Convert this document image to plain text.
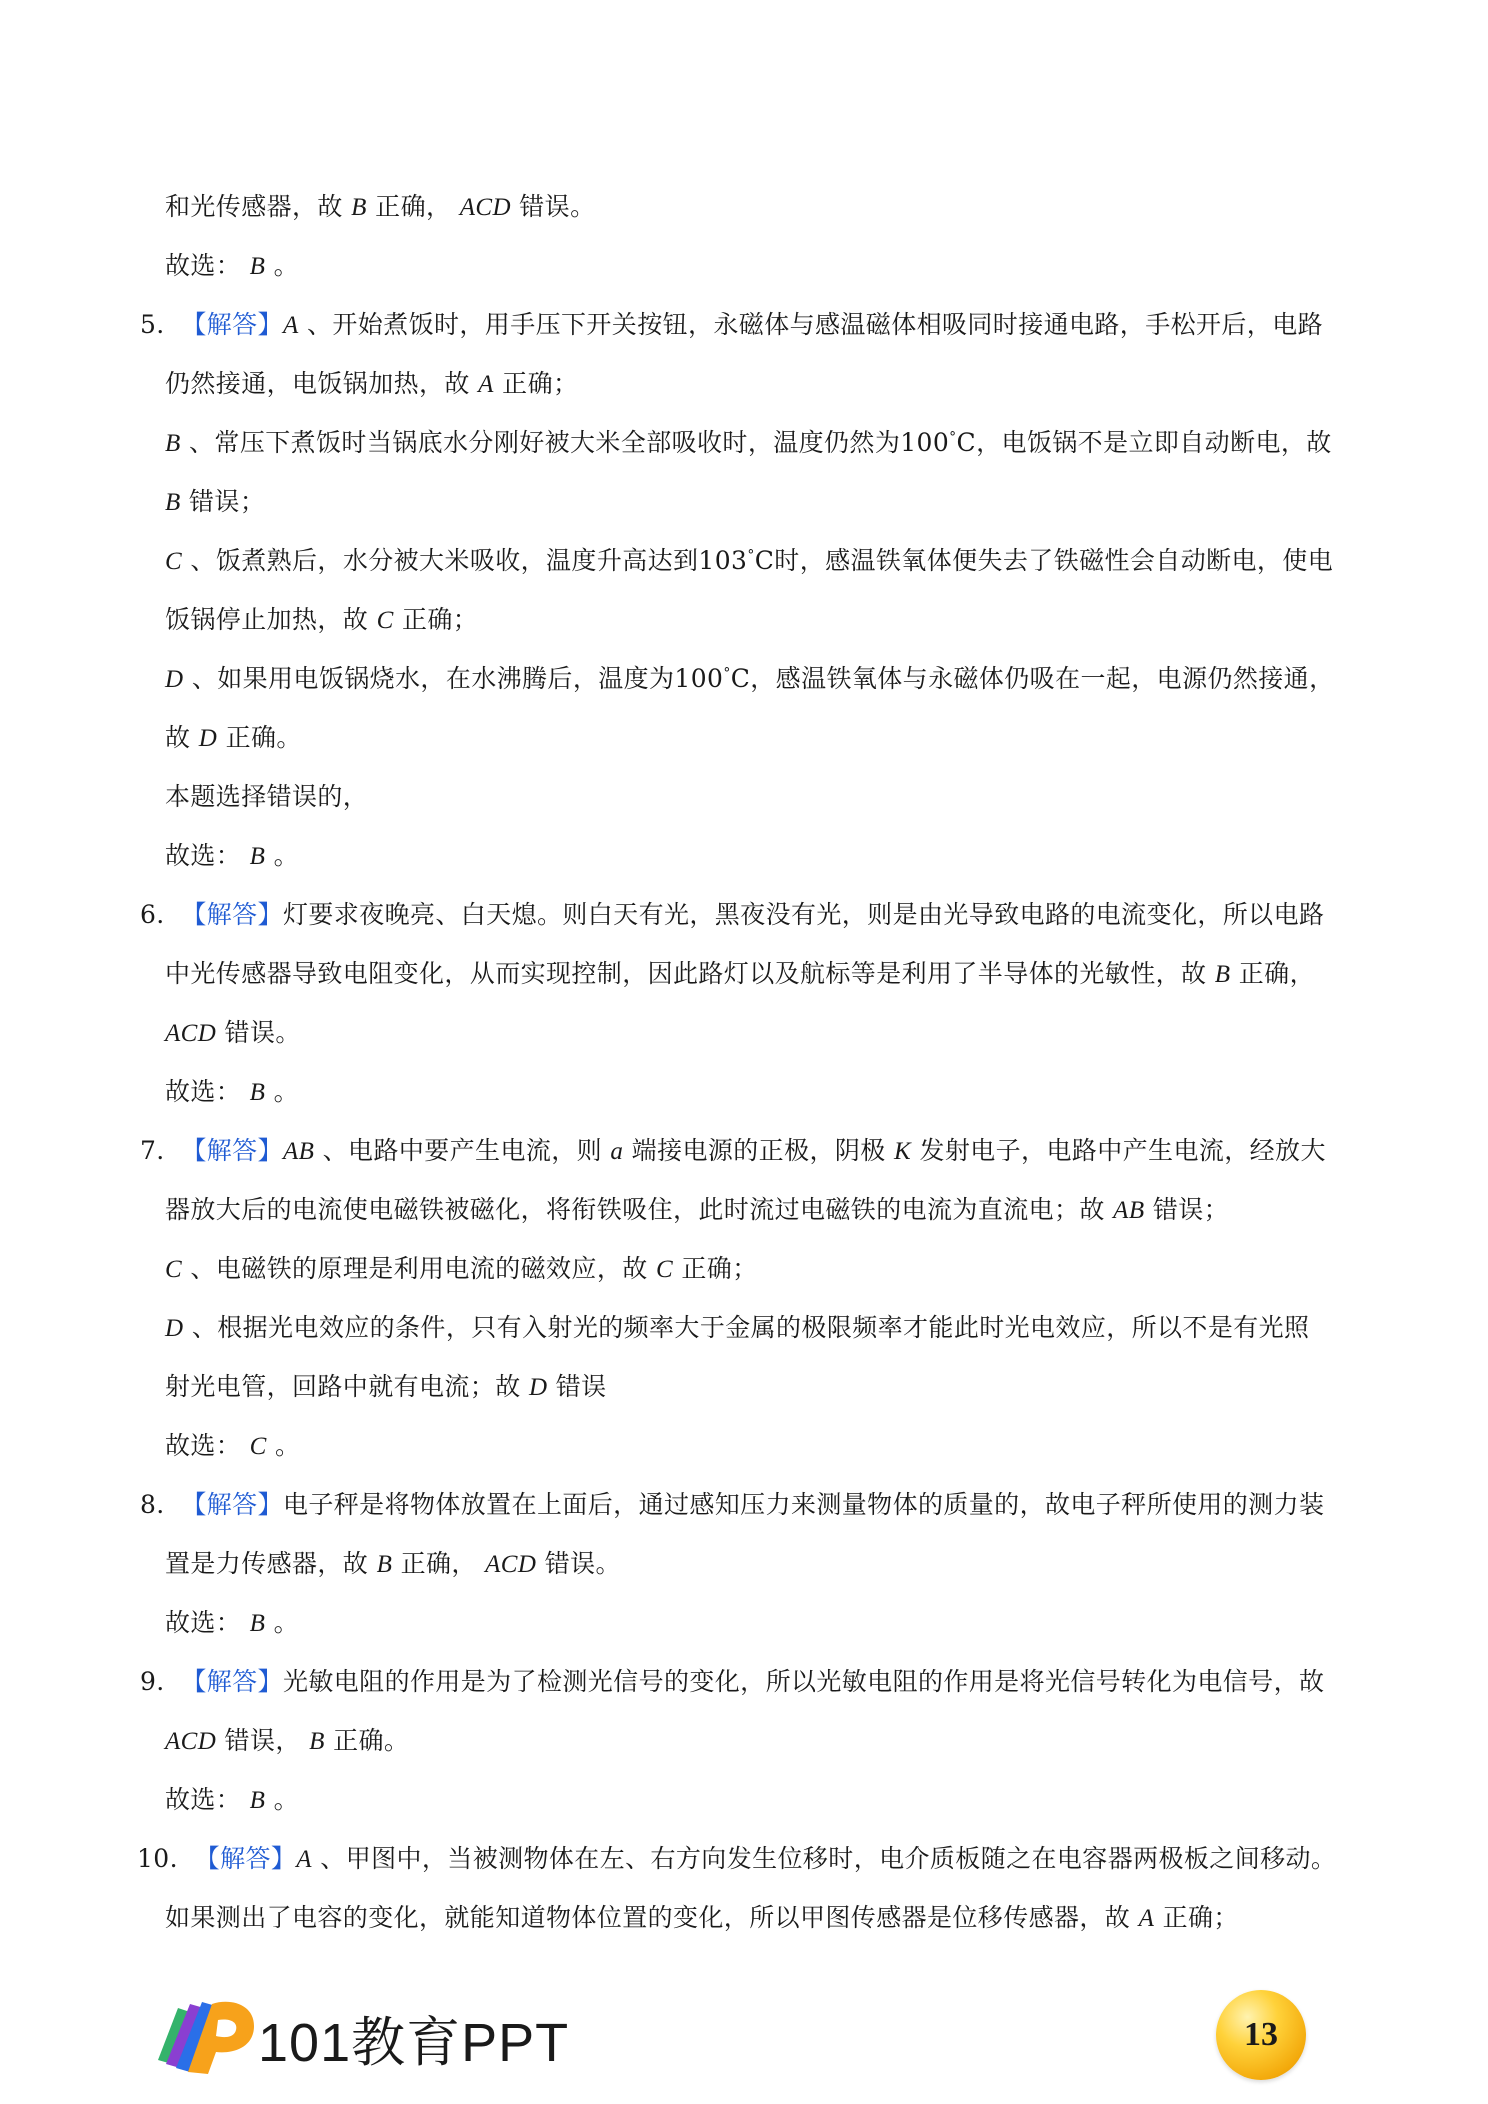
和光传感器，故 B 正确， ACD 错误。
故选： B 。
5. 【解答】A 、开始煮饭时，用手压下开关按钮，永磁体与感温磁体相吸同时接通电路，手松开后，电路
仍然接通，电饭锅加热，故 A 正确；
B 、常压下煮饭时当锅底水分刚好被大米全部吸收时，温度仍然为100°C，电饭锅不是立即自动断电，故
B 错误；
C 、饭煮熟后，水分被大米吸收，温度升高达到103°C时，感温铁氧体便失去了铁磁性会自动断电，使电
饭锅停止加热，故 C 正确；
D 、如果用电饭锅烧水，在水沸腾后，温度为100°C，感温铁氧体与永磁体仍吸在一起，电源仍然接通，
故 D 正确。
本题选择错误的，
故选： B 。
6. 【解答】灯要求夜晚亮、白天熄。则白天有光，黑夜没有光，则是由光导致电路的电流变化，所以电路
中光传感器导致电阻变化，从而实现控制，因此路灯以及航标等是利用了半导体的光敏性，故 B 正确，
ACD 错误。
故选： B 。
7. 【解答】AB 、电路中要产生电流，则 a 端接电源的正极，阴极 K 发射电子，电路中产生电流，经放大
器放大后的电流使电磁铁被磁化，将衔铁吸住，此时流过电磁铁的电流为直流电；故 AB 错误；
C 、电磁铁的原理是利用电流的磁效应，故 C 正确；
D 、根据光电效应的条件，只有入射光的频率大于金属的极限频率才能此时光电效应，所以不是有光照
射光电管，回路中就有电流；故 D 错误
故选： C 。
8. 【解答】电子秤是将物体放置在上面后，通过感知压力来测量物体的质量的，故电子秤所使用的测力装
置是力传感器，故 B 正确， ACD 错误。
故选： B 。
9. 【解答】光敏电阻的作用是为了检测光信号的变化，所以光敏电阻的作用是将光信号转化为电信号，故
ACD 错误， B 正确。
故选： B 。
10. 【解答】A 、甲图中，当被测物体在左、右方向发生位移时，电介质板随之在电容器两极板之间移动。
如果测出了电容的变化，就能知道物体位置的变化，所以甲图传感器是位移传感器，故 A 正确；
101教育PPT	13
